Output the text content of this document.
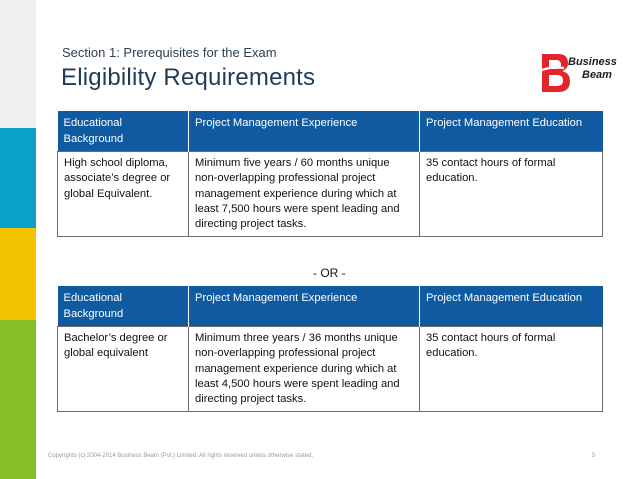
Section 1: Prerequisites for the Exam
Eligibility Requirements
Business
Beam
Educational Background	Project Management Experience	Project Management Education
High school diploma, associate’s degree or global Equivalent.	Minimum five years / 60 months unique non-overlapping professional project management experience during which at least 7,500 hours were spent leading and directing project tasks.	35 contact hours of formal education.
- OR -
Educational Background	Project Management Experience	Project Management Education
Bachelor’s degree or global equivalent	Minimum three years / 36 months unique non-overlapping professional project management experience during which at least 4,500 hours were spent leading and directing project tasks.	35 contact hours of formal education.
Copyrights (c) 2004-2014 Business Beam (Pvt.) Limited. All rights reserved unless otherwise stated.	5
